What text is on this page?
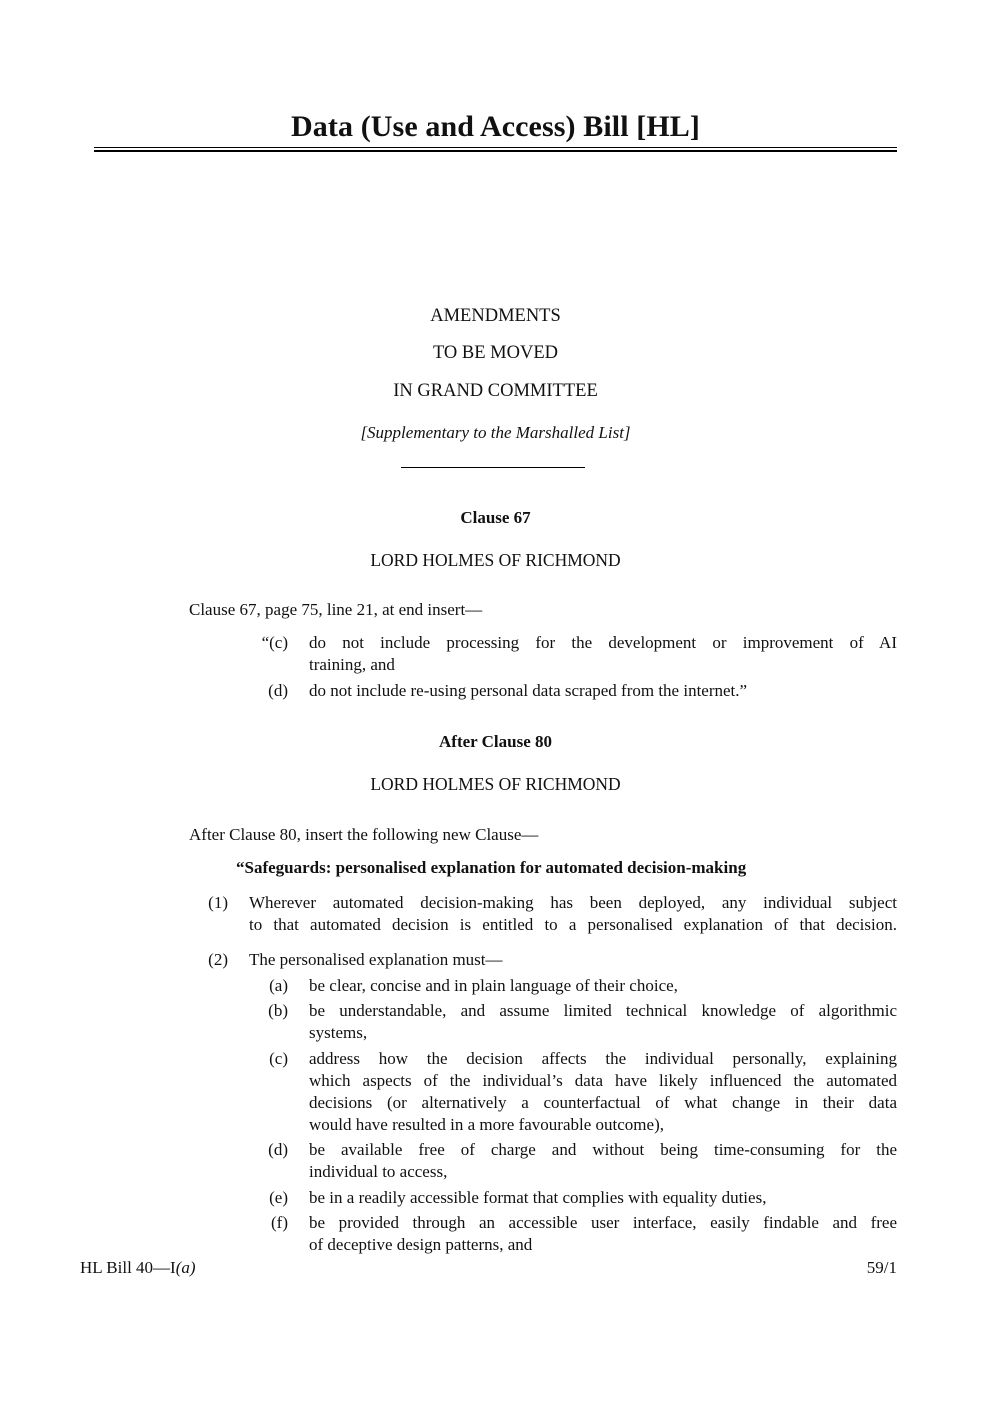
Data (Use and Access) Bill [HL]
AMENDMENTS
TO BE MOVED
IN GRAND COMMITTEE
[Supplementary to the Marshalled List]
Clause 67
LORD HOLMES OF RICHMOND
Clause 67, page 75, line 21, at end insert—
“(c) do not include processing for the development or improvement of AI
training, and
(d) do not include re-using personal data scraped from the internet.”
After Clause 80
LORD HOLMES OF RICHMOND
After Clause 80, insert the following new Clause—
“Safeguards: personalised explanation for automated decision-making
(1) Wherever automated decision-making has been deployed, any individual subject
to that automated decision is entitled to a personalised explanation of that decision.
(2) The personalised explanation must—
(a) be clear, concise and in plain language of their choice,
(b) be understandable, and assume limited technical knowledge of algorithmic
systems,
(c) address how the decision affects the individual personally, explaining
which aspects of the individual’s data have likely influenced the automated
decisions (or alternatively a counterfactual of what change in their data
would have resulted in a more favourable outcome),
(d) be available free of charge and without being time-consuming for the
individual to access,
(e) be in a readily accessible format that complies with equality duties,
(f) be provided through an accessible user interface, easily findable and free
of deceptive design patterns, and
HL Bill 40—I(a)	59/1
